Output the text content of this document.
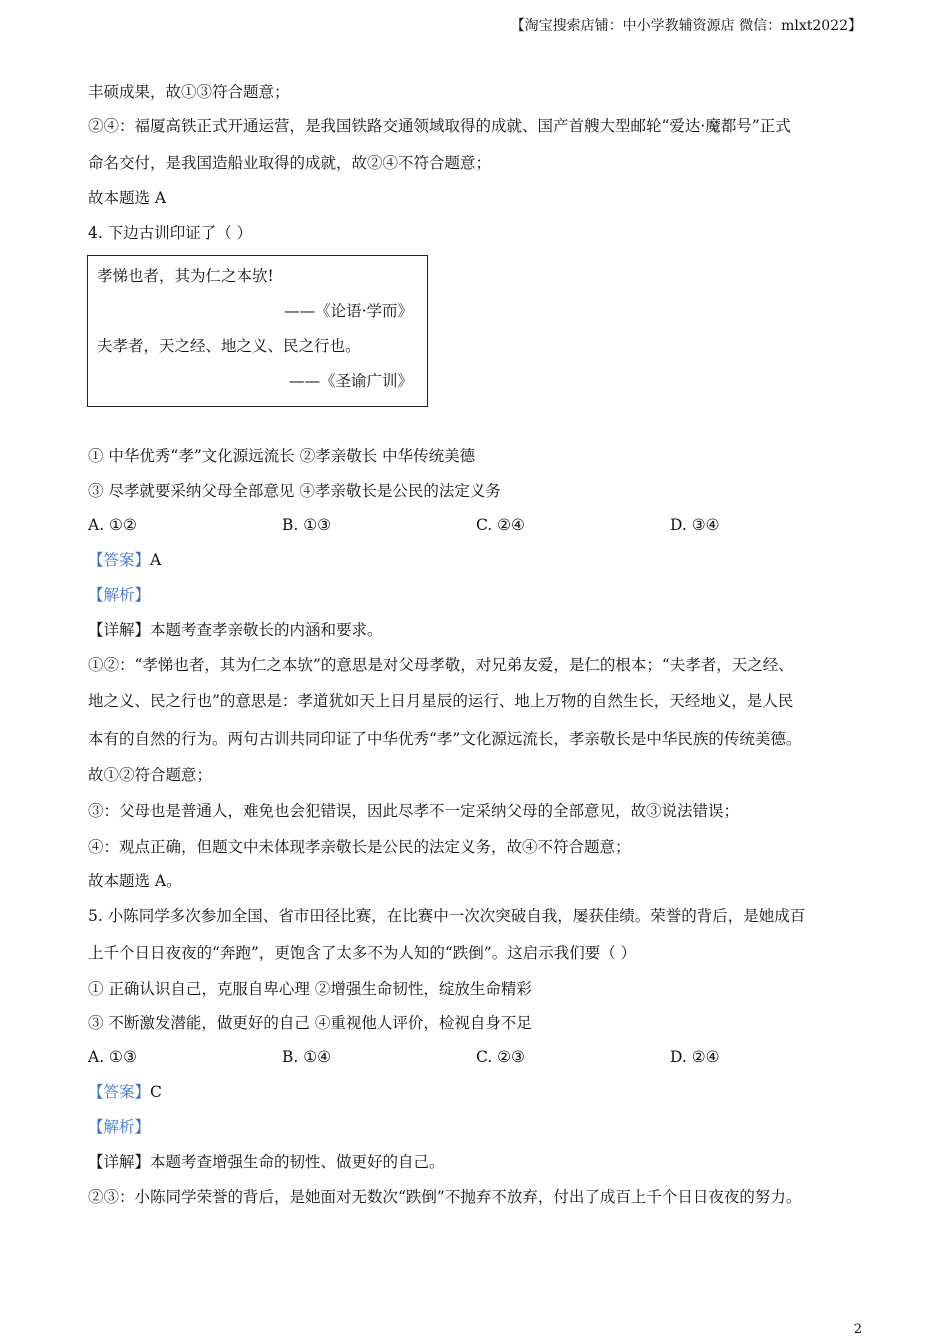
【淘宝搜索店铺：中小学教辅资源店 微信：mlxt2022】
丰硕成果，故①③符合题意；
②④：福厦高铁正式开通运营，是我国铁路交通领域取得的成就、国产首艘大型邮轮“爱达·魔都号”正式
命名交付，是我国造船业取得的成就，故②④不符合题意；
故本题选 A
4. 下边古训印证了（ ）
孝悌也者，其为仁之本欤!
——《论语·学而》
夫孝者，天之经、地之义、民之行也。
——《圣谕广训》
① 中华优秀“孝”文化源远流长 ②孝亲敬长 中华传统美德
③ 尽孝就要采纳父母全部意见 ④孝亲敬长是公民的法定义务
A. ①②	B. ①③	C. ②④	D. ③④
【答案】A
【解析】
【详解】本题考查孝亲敬长的内涵和要求。
①②：“孝悌也者，其为仁之本欤”的意思是对父母孝敬，对兄弟友爱，是仁的根本；“夫孝者，天之经、
地之义、民之行也”的意思是：孝道犹如天上日月星辰的运行、地上万物的自然生长，天经地义，是人民
本有的自然的行为。两句古训共同印证了中华优秀“孝”文化源远流长，孝亲敬长是中华民族的传统美德。
故①②符合题意；
③：父母也是普通人，难免也会犯错误，因此尽孝不一定采纳父母的全部意见，故③说法错误；
④：观点正确，但题文中未体现孝亲敬长是公民的法定义务，故④不符合题意；
故本题选 A。
5. 小陈同学多次参加全国、省市田径比赛，在比赛中一次次突破自我，屡获佳绩。荣誉的背后，是她成百
上千个日日夜夜的“奔跑”，更饱含了太多不为人知的“跌倒”。这启示我们要（ ）
① 正确认识自己，克服自卑心理 ②增强生命韧性，绽放生命精彩
③ 不断激发潜能，做更好的自己 ④重视他人评价，检视自身不足
A. ①③	B. ①④	C. ②③	D. ②④
【答案】C
【解析】
【详解】本题考查增强生命的韧性、做更好的自己。
②③：小陈同学荣誉的背后，是她面对无数次“跌倒”不抛弃不放弃，付出了成百上千个日日夜夜的努力。
2
